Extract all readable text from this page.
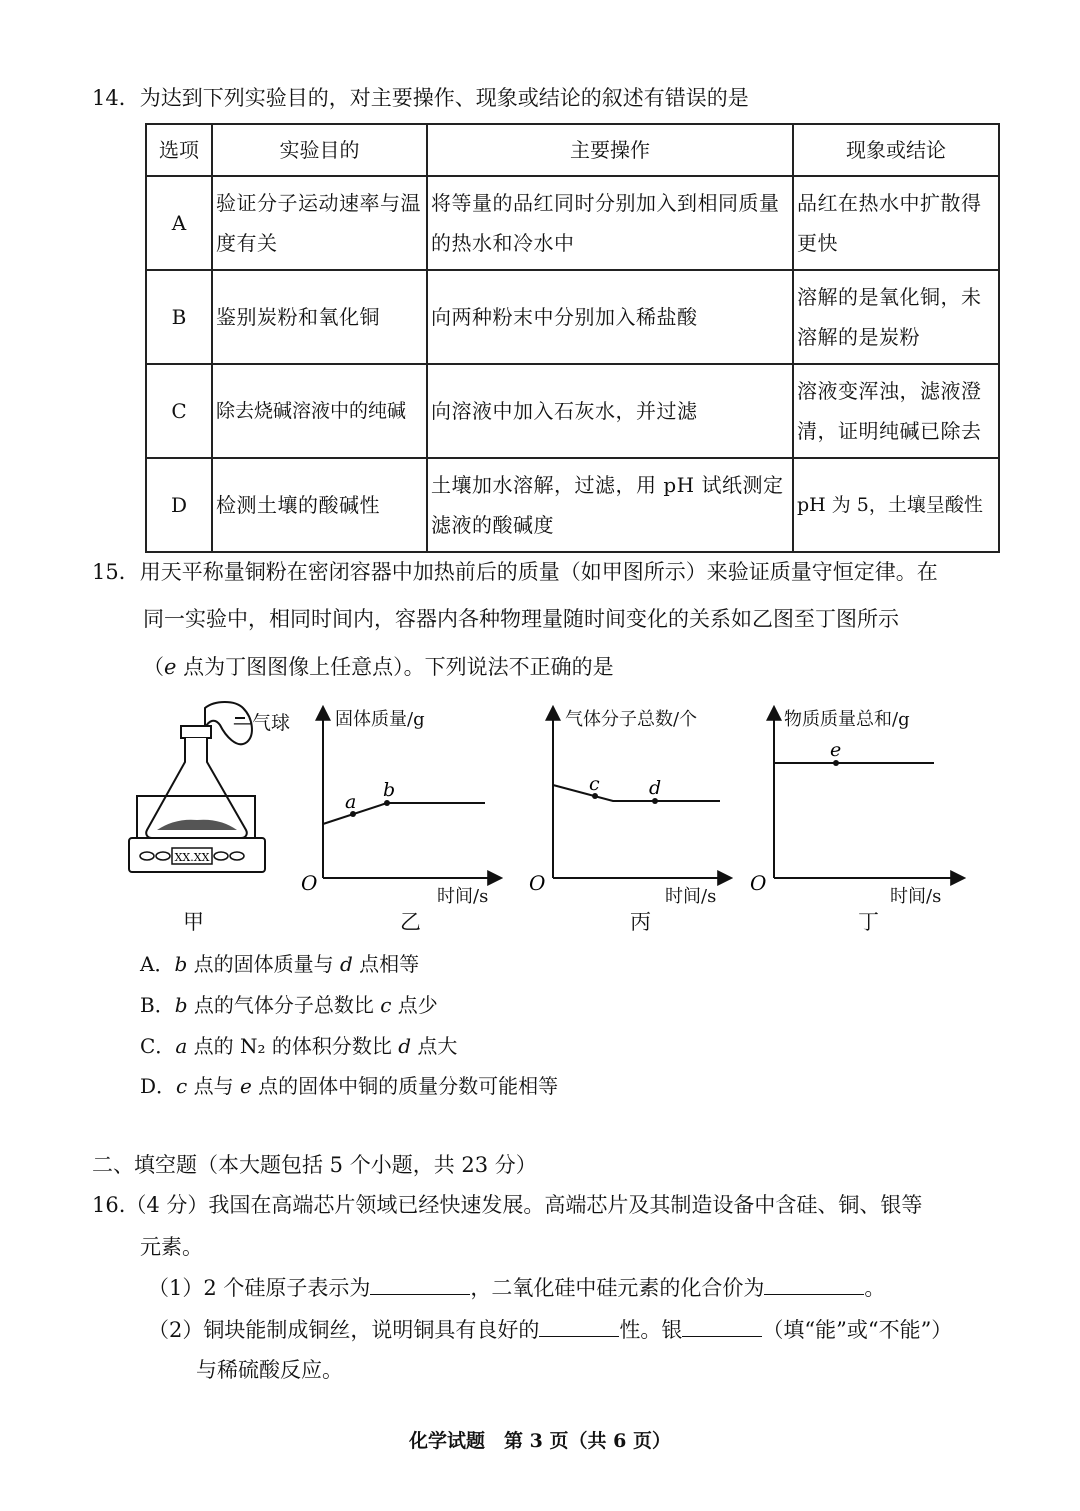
14．为达到下列实验目的，对主要操作、现象或结论的叙述有错误的是
选项	实验目的	主要操作	现象或结论
A	验证分子运动速率与温度有关	将等量的品红同时分别加入到相同质量的热水和冷水中	品红在热水中扩散得更快
B	鉴别炭粉和氧化铜	向两种粉末中分别加入稀盐酸	溶解的是氧化铜，未溶解的是炭粉
C	除去烧碱溶液中的纯碱	向溶液中加入石灰水，并过滤	溶液变浑浊，滤液澄清，证明纯碱已除去
D	检测土壤的酸碱性	土壤加水溶解，过滤，用 pH 试纸测定滤液的酸碱度	pH 为 5，土壤呈酸性
15．用天平称量铜粉在密闭容器中加热前后的质量（如甲图所示）来验证质量守恒定律。在
同一实验中，相同时间内，容器内各种物理量随时间变化的关系如乙图至丁图所示
（e 点为丁图图像上任意点）。下列说法不正确的是
XX.XX
—气球
甲
a
b
O
固体质量/g
时间/s
乙
c	d
O
气体分子总数/个
时间/s
丙
e
O
物质质量总和/g
时间/s
丁
A．b 点的固体质量与 d 点相等
B．b 点的气体分子总数比 c 点少
C．a 点的 N₂ 的体积分数比 d 点大
D．c 点与 e 点的固体中铜的质量分数可能相等
二、填空题（本大题包括 5 个小题，共 23 分）
16.（4 分）我国在高端芯片领域已经快速发展。高端芯片及其制造设备中含硅、铜、银等
元素。
（1）2 个硅原子表示为	，二氧化硅中硅元素的化合价为	。
（2）铜块能制成铜丝，说明铜具有良好的	性。银	（填“能”或“不能”）
与稀硫酸反应。
化学试题　第 3 页（共 6 页）
